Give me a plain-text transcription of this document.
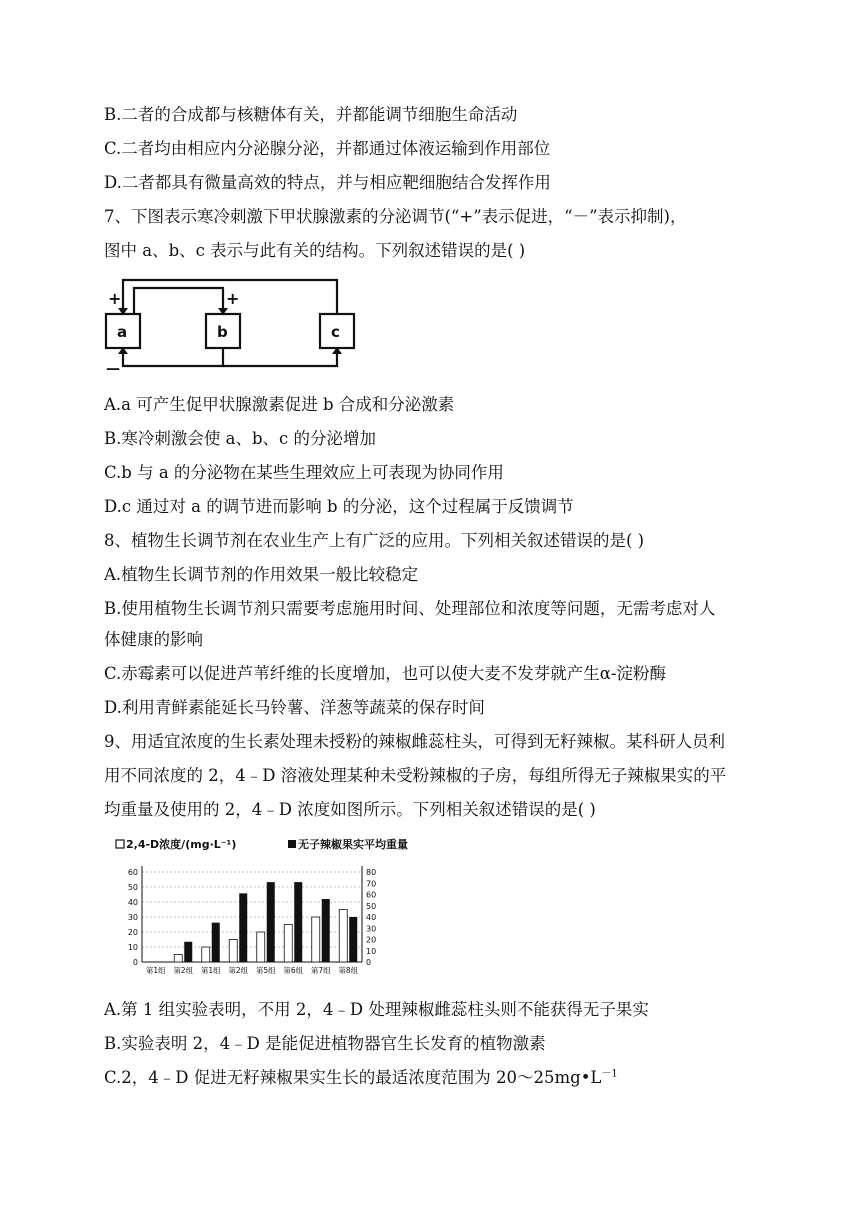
B.二者的合成都与核糖体有关，并都能调节细胞生命活动
C.二者均由相应内分泌腺分泌，并都通过体液运输到作用部位
D.二者都具有微量高效的特点，并与相应靶细胞结合发挥作用
7、下图表示寒冷刺激下甲状腺激素的分泌调节(“+”表示促进，“－”表示抑制)，
图中 a、b、c 表示与此有关的结构。下列叙述错误的是( )
a	b	c
+	+
—
A.a 可产生促甲状腺激素促进 b 合成和分泌激素
B.寒冷刺激会使 a、b、c 的分泌增加
C.b 与 a 的分泌物在某些生理效应上可表现为协同作用
D.c 通过对 a 的调节进而影响 b 的分泌，这个过程属于反馈调节
8、植物生长调节剂在农业生产上有广泛的应用。下列相关叙述错误的是( )
A.植物生长调节剂的作用效果一般比较稳定
B.使用植物生长调节剂只需要考虑施用时间、处理部位和浓度等问题，无需考虑对人
体健康的影响
C.赤霉素可以促进芦苇纤维的长度增加，也可以使大麦不发芽就产生α-淀粉酶
D.利用青鲜素能延长马铃薯、洋葱等蔬菜的保存时间
9、用适宜浓度的生长素处理未授粉的辣椒雌蕊柱头，可得到无籽辣椒。某科研人员利
用不同浓度的 2，4﹣D 溶液处理某种未受粉辣椒的子房，每组所得无子辣椒果实的平
均重量及使用的 2，4﹣D 浓度如图所示。下列相关叙述错误的是( )
2,4-D浓度/(mg·L⁻¹)	无子辣椒果实平均重量
0
10
20
30
40
50
60
0
10
20
30
40
50
60
70
80
第1组 第2组 第1组 第2组 第5组 第6组 第7组 第8组
A.第 1 组实验表明，不用 2，4﹣D 处理辣椒雌蕊柱头则不能获得无子果实
B.实验表明 2，4﹣D 是能促进植物器官生长发育的植物激素
C.2，4﹣D 促进无籽辣椒果实生长的最适浓度范围为 $20\sim 25mg•L^{-1}$
